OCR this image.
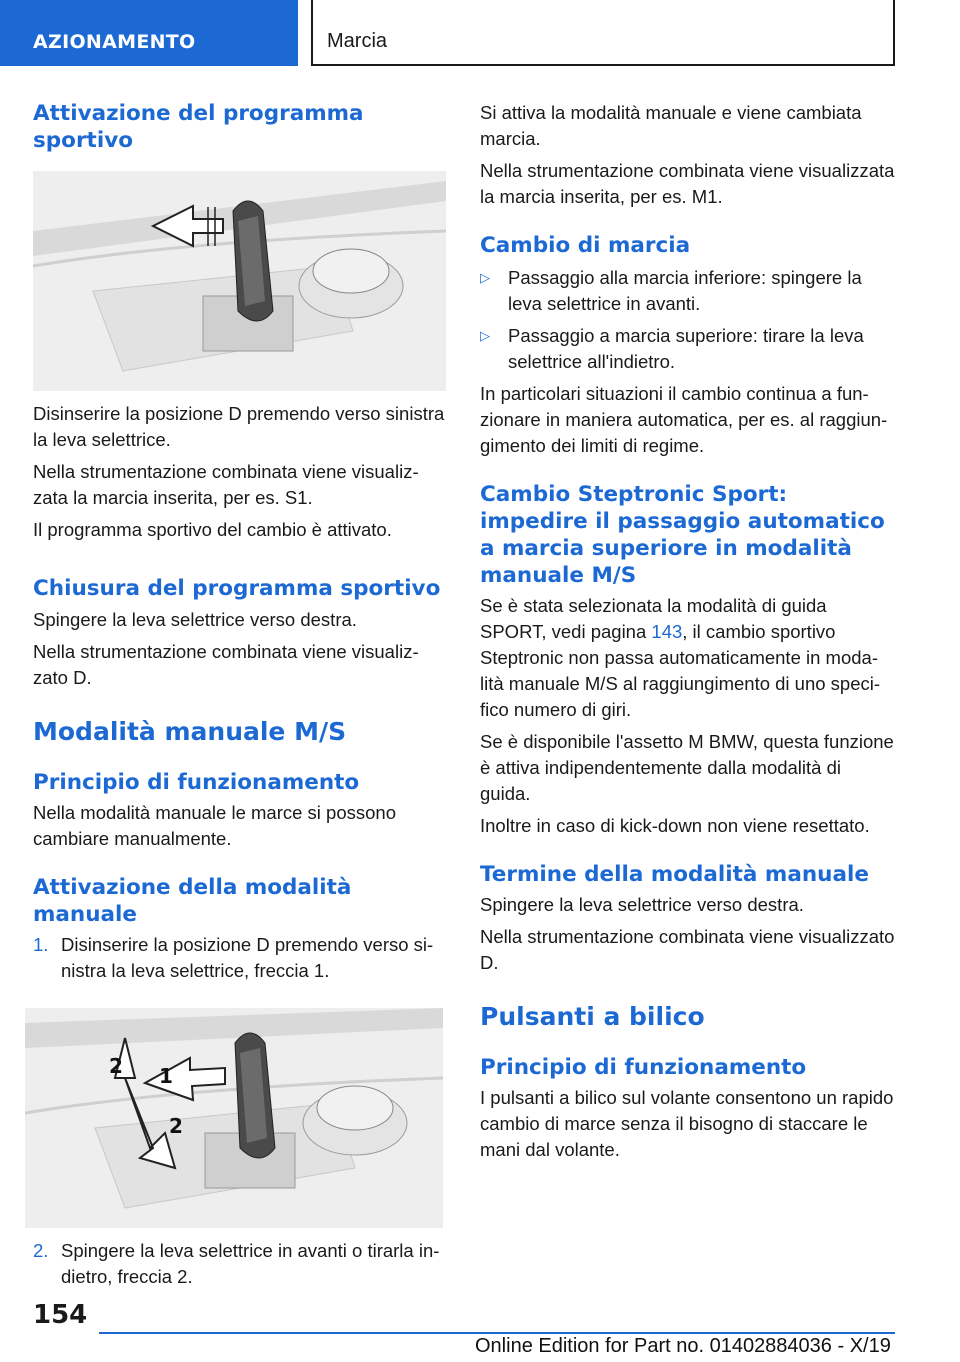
AZIONAMENTO	Marcia
Attivazione del programma sportivo
Disinserire la posizione D premendo verso sinistra la leva selettrice.
Nella strumentazione combinata viene visualizzata la marcia inserita, per es. S1.
Il programma sportivo del cambio è attivato.
Chiusura del programma sportivo
Spingere la leva selettrice verso destra.
Nella strumentazione combinata viene visualizzato D.
Modalità manuale M/S
Principio di funzionamento
Nella modalità manuale le marce si possono cambiare manualmente.
Attivazione della modalità manuale
1. Disinserire la posizione D premendo verso sinistra la leva selettrice, freccia 1.
1
2
2
2. Spingere la leva selettrice in avanti o tirarla indietro, freccia 2.
Si attiva la modalità manuale e viene cambiata marcia.
Nella strumentazione combinata viene visualizzata la marcia inserita, per es. M1.
Cambio di marcia
▷ Passaggio alla marcia inferiore: spingere la leva selettrice in avanti.
▷ Passaggio a marcia superiore: tirare la leva selettrice all'indietro.
In particolari situazioni il cambio continua a funzionare in maniera automatica, per es. al raggiungimento dei limiti di regime.
Cambio Steptronic Sport: impedire il passaggio automatico a marcia superiore in modalità manuale M/S
Se è stata selezionata la modalità di guida SPORT, vedi pagina 143, il cambio sportivo Steptronic non passa automaticamente in modalità manuale M/S al raggiungimento di uno specifico numero di giri.
Se è disponibile l'assetto M BMW, questa funzione è attiva indipendentemente dalla modalità di guida.
Inoltre in caso di kick-down non viene resettato.
Termine della modalità manuale
Spingere la leva selettrice verso destra.
Nella strumentazione combinata viene visualizzato D.
Pulsanti a bilico
Principio di funzionamento
I pulsanti a bilico sul volante consentono un rapido cambio di marce senza il bisogno di staccare le mani dal volante.
154
Online Edition for Part no. 01402884036 - X/19
